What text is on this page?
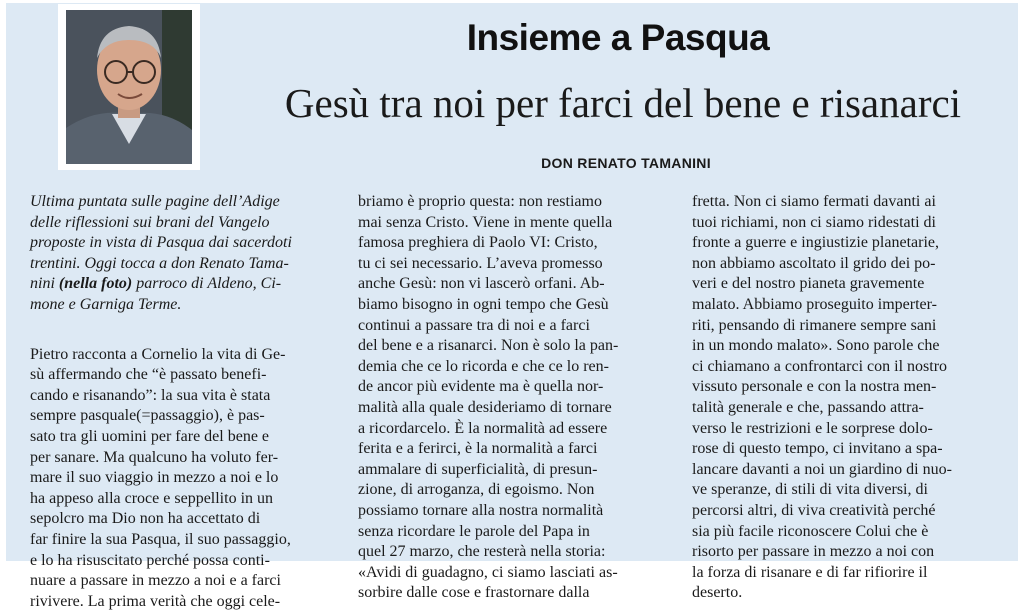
Insieme a Pasqua
Gesù tra noi per farci del bene e risanarci
DON RENATO TAMANINI
Ultima puntata sulle pagine dell’Adige
delle riflessioni sui brani del Vangelo
proposte in vista di Pasqua dai sacerdoti
trentini. Oggi tocca a don Renato Tama-
nini (nella foto) parroco di Aldeno, Ci-
mone e Garniga Terme.
Pietro racconta a Cornelio la vita di Ge-
sù affermando che “è passato benefi-
cando e risanando”: la sua vita è stata
sempre pasquale(=passaggio), è pas-
sato tra gli uomini per fare del bene e
per sanare. Ma qualcuno ha voluto fer-
mare il suo viaggio in mezzo a noi e lo
ha appeso alla croce e seppellito in un
sepolcro ma Dio non ha accettato di
far finire la sua Pasqua, il suo passaggio,
e lo ha risuscitato perché possa conti-
nuare a passare in mezzo a noi e a farci
rivivere. La prima verità che oggi cele-
briamo è proprio questa: non restiamo
mai senza Cristo. Viene in mente quella
famosa preghiera di Paolo VI: Cristo,
tu ci sei necessario. L’aveva promesso
anche Gesù: non vi lascerò orfani. Ab-
biamo bisogno in ogni tempo che Gesù
continui a passare tra di noi e a farci
del bene e a risanarci. Non è solo la pan-
demia che ce lo ricorda e che ce lo ren-
de ancor più evidente ma è quella nor-
malità alla quale desideriamo di tornare
a ricordarcelo. È la normalità ad essere
ferita e a ferirci, è la normalità a farci
ammalare di superficialità, di presun-
zione, di arroganza, di egoismo. Non
possiamo tornare alla nostra normalità
senza ricordare le parole del Papa in
quel 27 marzo, che resterà nella storia:
«Avidi di guadagno, ci siamo lasciati as-
sorbire dalle cose e frastornare dalla
fretta. Non ci siamo fermati davanti ai
tuoi richiami, non ci siamo ridestati di
fronte a guerre e ingiustizie planetarie,
non abbiamo ascoltato il grido dei po-
veri e del nostro pianeta gravemente
malato. Abbiamo proseguito imperter-
riti, pensando di rimanere sempre sani
in un mondo malato». Sono parole che
ci chiamano a confrontarci con il nostro
vissuto personale e con la nostra men-
talità generale e che, passando attra-
verso le restrizioni e le sorprese dolo-
rose di questo tempo, ci invitano a spa-
lancare davanti a noi un giardino di nuo-
ve speranze, di stili di vita diversi, di
percorsi altri, di viva creatività perché
sia più facile riconoscere Colui che è
risorto per passare in mezzo a noi con
la forza di risanare e di far rifiorire il
deserto.
